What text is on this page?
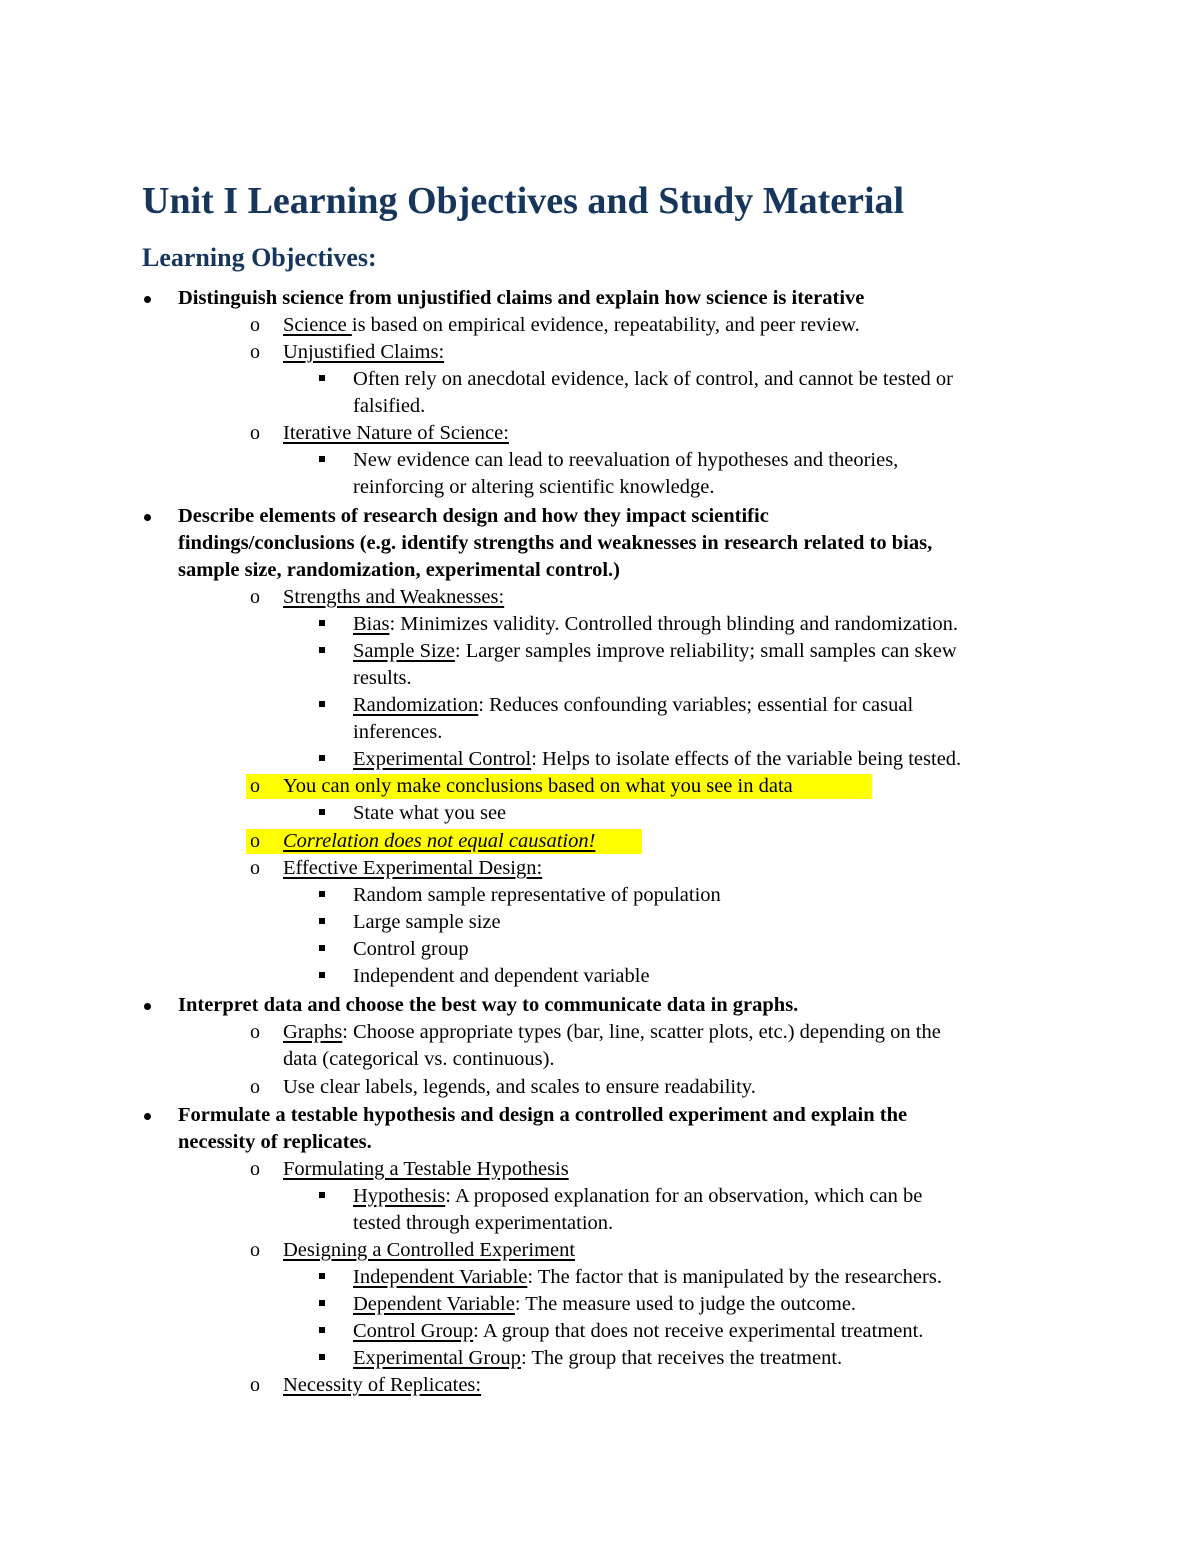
Unit I Learning Objectives and Study Material
Learning Objectives:
Distinguish science from unjustified claims and explain how science is iterative
o Science is based on empirical evidence, repeatability, and peer review.
o Unjustified Claims:
Often rely on anecdotal evidence, lack of control, and cannot be tested or
falsified.
o Iterative Nature of Science:
New evidence can lead to reevaluation of hypotheses and theories,
reinforcing or altering scientific knowledge.
Describe elements of research design and how they impact scientific
findings/conclusions (e.g. identify strengths and weaknesses in research related to bias,
sample size, randomization, experimental control.)
o Strengths and Weaknesses:
Bias: Minimizes validity. Controlled through blinding and randomization.
Sample Size: Larger samples improve reliability; small samples can skew
results.
Randomization: Reduces confounding variables; essential for casual
inferences.
Experimental Control: Helps to isolate effects of the variable being tested.
o You can only make conclusions based on what you see in data
State what you see
o Correlation does not equal causation!
o Effective Experimental Design:
Random sample representative of population
Large sample size
Control group
Independent and dependent variable
Interpret data and choose the best way to communicate data in graphs.
o Graphs: Choose appropriate types (bar, line, scatter plots, etc.) depending on the
data (categorical vs. continuous).
o Use clear labels, legends, and scales to ensure readability.
Formulate a testable hypothesis and design a controlled experiment and explain the
necessity of replicates.
o Formulating a Testable Hypothesis
Hypothesis: A proposed explanation for an observation, which can be
tested through experimentation.
o Designing a Controlled Experiment
Independent Variable: The factor that is manipulated by the researchers.
Dependent Variable: The measure used to judge the outcome.
Control Group: A group that does not receive experimental treatment.
Experimental Group: The group that receives the treatment.
o Necessity of Replicates:
